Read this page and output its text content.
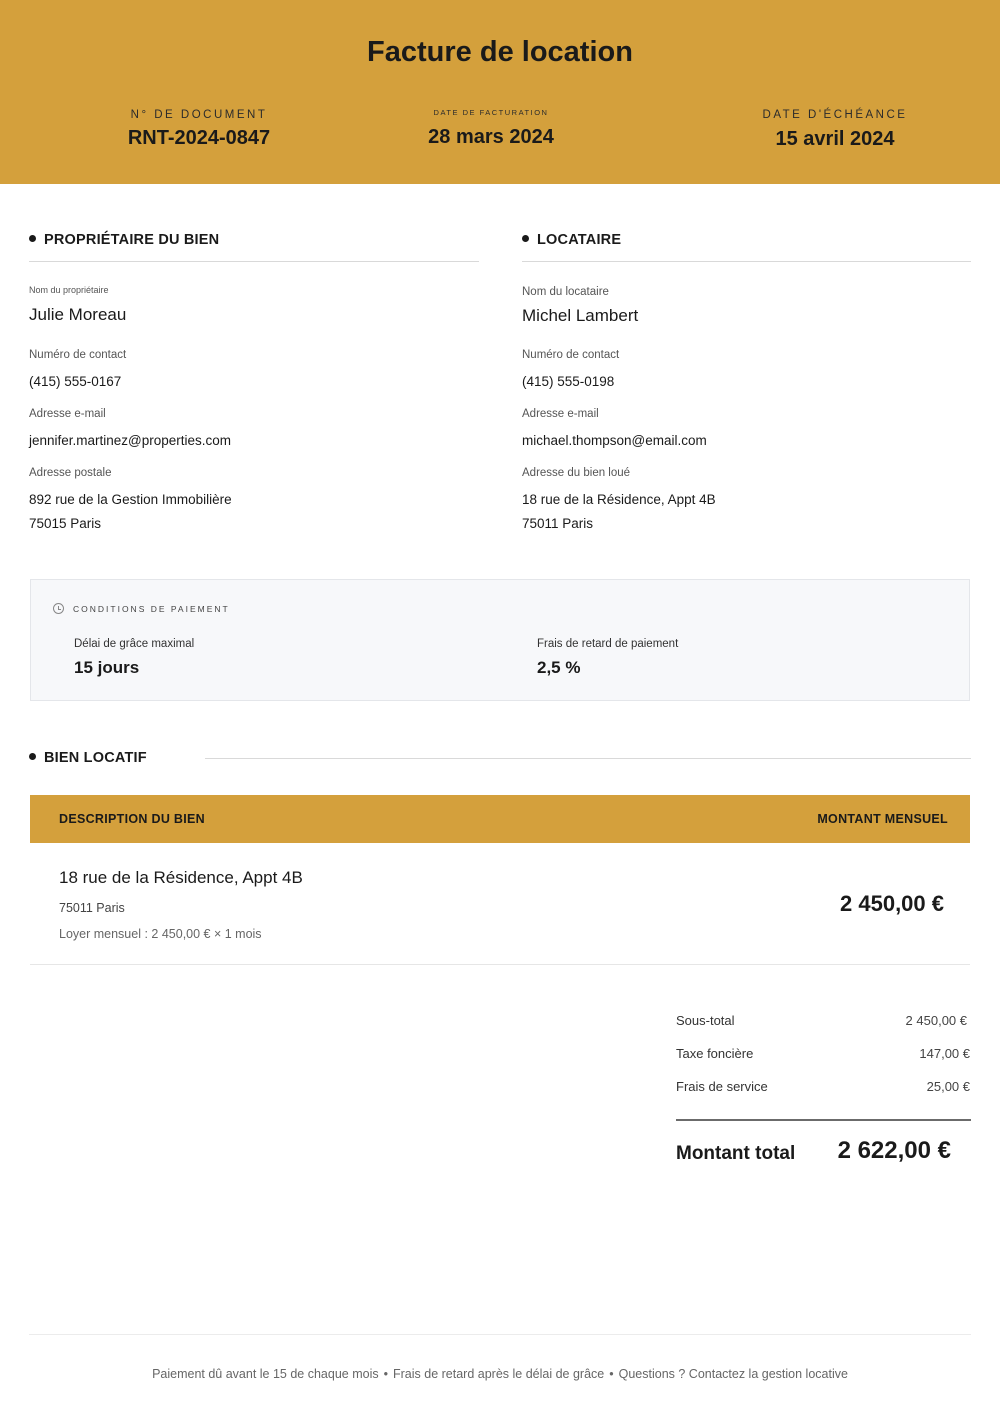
Facture de location
N° DE DOCUMENT
RNT-2024-0847
DATE DE FACTURATION
28 mars 2024
DATE D'ÉCHÉANCE
15 avril 2024
PROPRIÉTAIRE DU BIEN
Nom du propriétaire
Julie Moreau
Numéro de contact
(415) 555-0167
Adresse e-mail
jennifer.martinez@properties.com
Adresse postale
892 rue de la Gestion Immobilière
75015 Paris
LOCATAIRE
Nom du locataire
Michel Lambert
Numéro de contact
(415) 555-0198
Adresse e-mail
michael.thompson@email.com
Adresse du bien loué
18 rue de la Résidence, Appt 4B
75011 Paris
CONDITIONS DE PAIEMENT
Délai de grâce maximal
15 jours
Frais de retard de paiement
2,5 %
BIEN LOCATIF
DESCRIPTION DU BIEN	MONTANT MENSUEL
18 rue de la Résidence, Appt 4B
75011 Paris
Loyer mensuel : 2 450,00 € × 1 mois
2 450,00 €
Sous-total	2 450,00 €
Taxe foncière	147,00 €
Frais de service	25,00 €
Montant total 2 622,00 €
Paiement dû avant le 15 de chaque mois • Frais de retard après le délai de grâce • Questions ? Contactez la gestion locative
